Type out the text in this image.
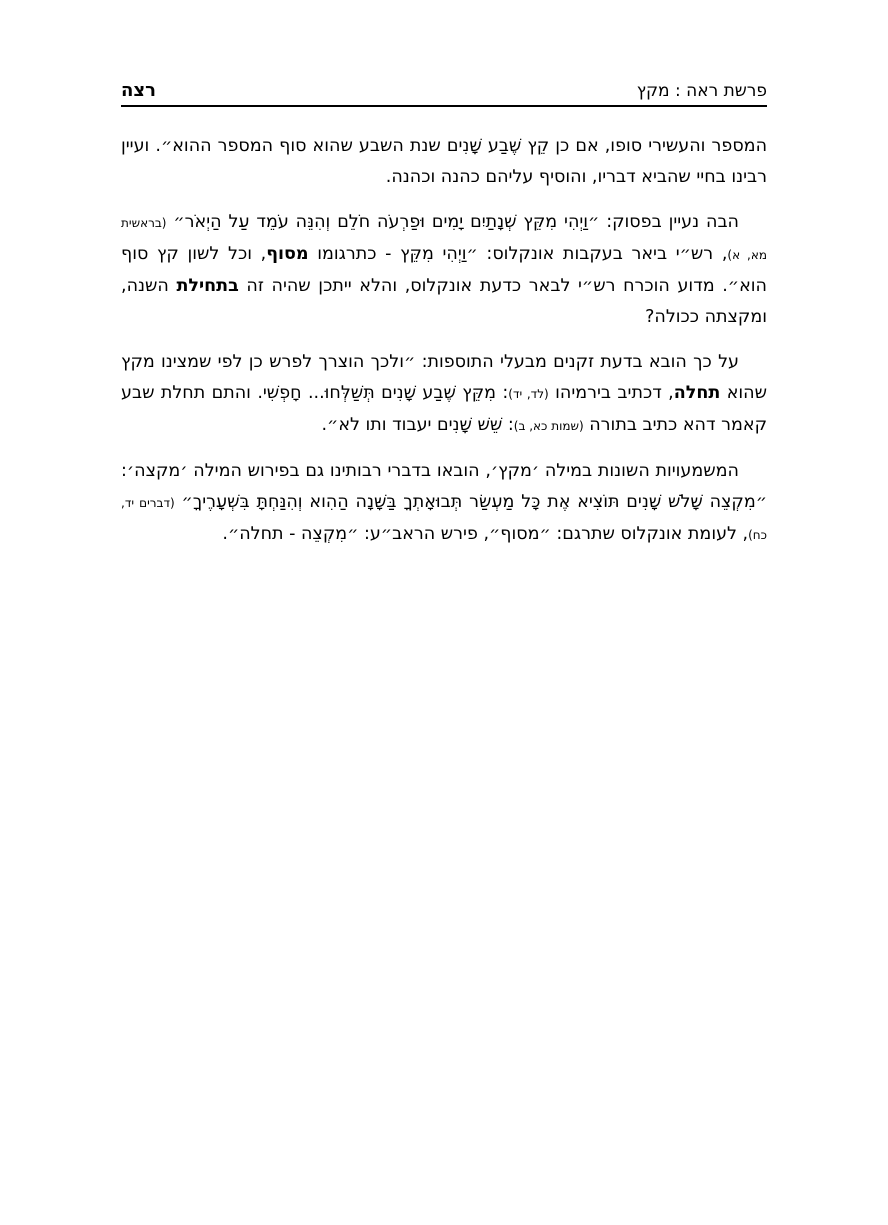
פרשת ראה : מקץ
רצה

המספר והעשירי סופו, אם כן קֵץ שֶׁבַע שָׁנִים שנת השבע שהוא סוף המספר ההוא״. ועיין רבינו בחיי שהביא דבריו, והוסיף עליהם כהנה וכהנה.

הבה נעיין בפסוק: ״וַיְהִי מִקֵּץ שְׁנָתַיִם יָמִים וּפַרְעֹה חֹלֵם וְהִנֵּה עֹמֵד עַל הַיְאֹר״ (בראשית מא, א), רש״י ביאר בעקבות אונקלוס: ״וַיְהִי מִקֵּץ - כתרגומו מסוף, וכל לשון קץ סוף הוא״. מדוע הוכרח רש״י לבאר כדעת אונקלוס, והלא ייתכן שהיה זה בתחילת השנה, ומקצתה ככולה?

על כך הובא בדעת זקנים מבעלי התוספות: ״ולכך הוצרך לפרש כן לפי שמצינו מקץ שהוא תחלה, דכתיב בירמיהו (לד, יד): מִקֵּץ שֶׁבַע שָׁנִים תְּשַׁלְּחוּ... חָפְשִׁי. והתם תחלת שבע קאמר דהא כתיב בתורה (שמות כא, ב): שֵׁשׁ שָׁנִים יעבוד ותו לא״.

המשמעויות השונות במילה ׳מקץ׳, הובאו בדברי רבותינו גם בפירוש המילה ׳מקצה׳: ״מִקְצֵה שָׁלֹשׁ שָׁנִים תּוֹצִיא אֶת כָּל מַעְשַׂר תְּבוּאָתְךָ בַּשָּׁנָה הַהִוא וְהִנַּחְתָּ בִּשְׁעָרֶיךָ״ (דברים יד, כח), לעומת אונקלוס שתרגם: ״מסוף״, פירש הראב״ע: ״מִקְצֵה - תחלה״.
